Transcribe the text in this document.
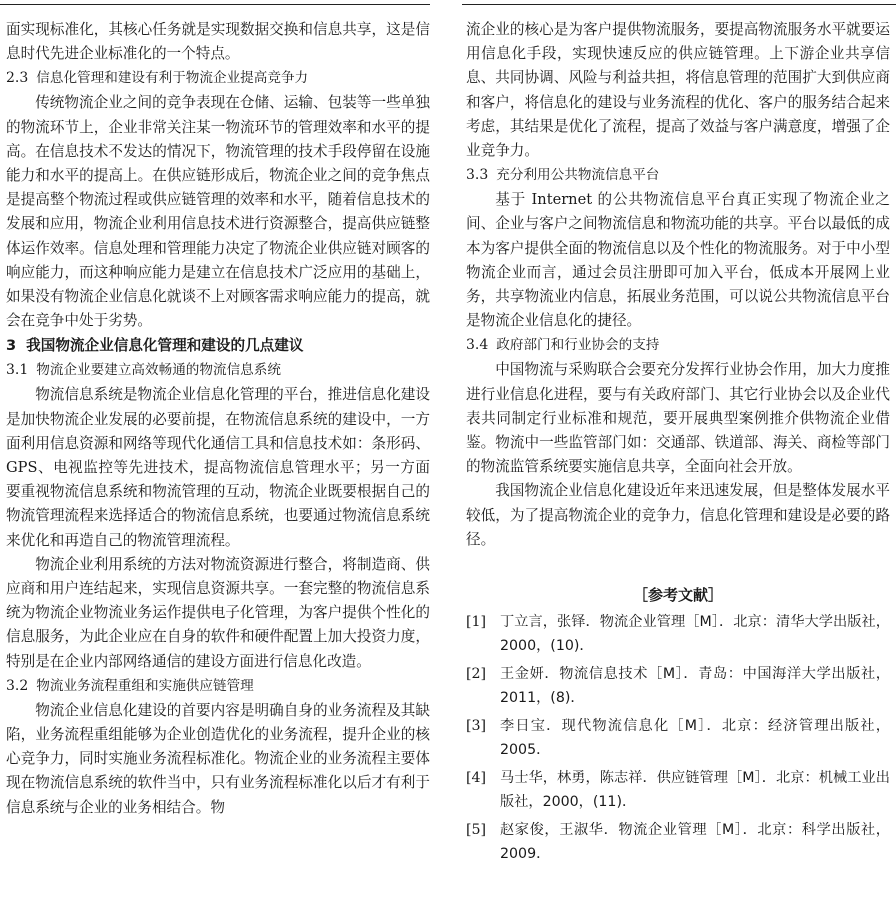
面实现标准化，其核心任务就是实现数据交换和信息共享，这是信息时代先进企业标准化的一个特点。

2.3 信息化管理和建设有利于物流企业提高竞争力

传统物流企业之间的竞争表现在仓储、运输、包装等一些单独的物流环节上，企业非常关注某一物流环节的管理效率和水平的提高。在信息技术不发达的情况下，物流管理的技术手段停留在设施能力和水平的提高上。在供应链形成后，物流企业之间的竞争焦点是提高整个物流过程或供应链管理的效率和水平，随着信息技术的发展和应用，物流企业利用信息技术进行资源整合，提高供应链整体运作效率。信息处理和管理能力决定了物流企业供应链对顾客的响应能力，而这种响应能力是建立在信息技术广泛应用的基础上，如果没有物流企业信息化就谈不上对顾客需求响应能力的提高，就会在竞争中处于劣势。

3 我国物流企业信息化管理和建设的几点建议
3.1 物流企业要建立高效畅通的物流信息系统

物流信息系统是物流企业信息化管理的平台，推进信息化建设是加快物流企业发展的必要前提，在物流信息系统的建设中，一方面利用信息资源和网络等现代化通信工具和信息技术如：条形码、GPS、电视监控等先进技术，提高物流信息管理水平；另一方面要重视物流信息系统和物流管理的互动，物流企业既要根据自己的物流管理流程来选择适合的物流信息系统，也要通过物流信息系统来优化和再造自己的物流管理流程。

物流企业利用系统的方法对物流资源进行整合，将制造商、供应商和用户连结起来，实现信息资源共享。一套完整的物流信息系统为物流企业物流业务运作提供电子化管理，为客户提供个性化的信息服务，为此企业应在自身的软件和硬件配置上加大投资力度，特别是在企业内部网络通信的建设方面进行信息化改造。

3.2 物流业务流程重组和实施供应链管理

物流企业信息化建设的首要内容是明确自身的业务流程及其缺陷，业务流程重组能够为企业创造优化的业务流程，提升企业的核心竞争力，同时实施业务流程标准化。物流企业的业务流程主要体现在物流信息系统的软件当中，只有业务流程标准化以后才有利于信息系统与企业的业务相结合。物

流企业的核心是为客户提供物流服务，要提高物流服务水平就要运用信息化手段，实现快速反应的供应链管理。上下游企业共享信息、共同协调、风险与利益共担，将信息管理的范围扩大到供应商和客户，将信息化的建设与业务流程的优化、客户的服务结合起来考虑，其结果是优化了流程，提高了效益与客户满意度，增强了企业竞争力。

3.3 充分利用公共物流信息平台

基于 Internet 的公共物流信息平台真正实现了物流企业之间、企业与客户之间物流信息和物流功能的共享。平台以最低的成本为客户提供全面的物流信息以及个性化的物流服务。对于中小型物流企业而言，通过会员注册即可加入平台，低成本开展网上业务，共享物流业内信息，拓展业务范围，可以说公共物流信息平台是物流企业信息化的捷径。

3.4 政府部门和行业协会的支持

中国物流与采购联合会要充分发挥行业协会作用，加大力度推进行业信息化进程，要与有关政府部门、其它行业协会以及企业代表共同制定行业标准和规范，要开展典型案例推介供物流企业借鉴。物流中一些监管部门如：交通部、铁道部、海关、商检等部门的物流监管系统要实施信息共享，全面向社会开放。

我国物流企业信息化建设近年来迅速发展，但是整体发展水平较低，为了提高物流企业的竞争力，信息化管理和建设是必要的路径。

［参考文献］
[1] 丁立言，张铎．物流企业管理［M］．北京：清华大学出版社，2000，(10)．
[2] 王金妍．物流信息技术［M］．青岛：中国海洋大学出版社，2011，(8)．
[3] 李日宝．现代物流信息化［M］．北京：经济管理出版社，2005．
[4] 马士华，林勇，陈志祥．供应链管理［M］．北京：机械工业出版社，2000，(11)．
[5] 赵家俊，王淑华．物流企业管理［M］．北京：科学出版社，2009．
